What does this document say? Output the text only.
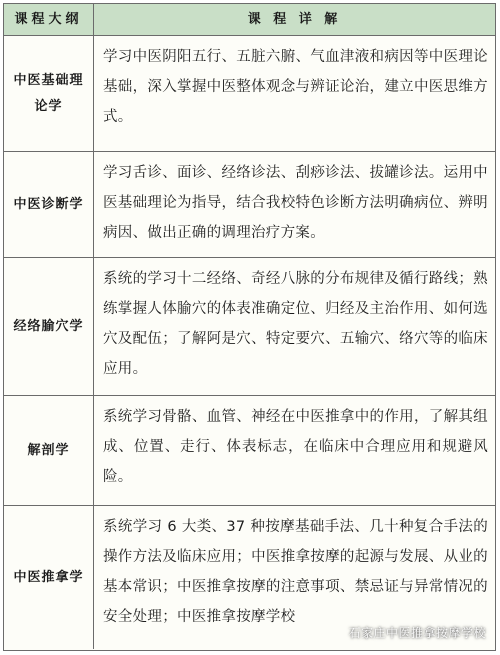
课程大纲	课 程 详 解
中医基础理论学
学习中医阴阳五行、五脏六腑、气血津液和病因等中医理论基础，深入掌握中医整体观念与辨证论治，建立中医思维方式。
中医诊断学
学习舌诊、面诊、经络诊法、刮痧诊法、拔罐诊法。运用中医基础理论为指导，结合我校特色诊断方法明确病位、辨明病因、做出正确的调理治疗方案。
经络腧穴学
系统的学习十二经络、奇经八脉的分布规律及循行路线；熟练掌握人体腧穴的体表准确定位、归经及主治作用、如何选穴及配伍；了解阿是穴、特定要穴、五输穴、络穴等的临床应用。
解剖学
系统学习骨骼、血管、神经在中医推拿中的作用，了解其组成、位置、走行、体表标志，在临床中合理应用和规避风险。
中医推拿学
系统学习 6 大类、37 种按摩基础手法、几十种复合手法的操作方法及临床应用；中医推拿按摩的起源与发展、从业的基本常识；中医推拿按摩的注意事项、禁忌证与异常情况的安全处理；中医推拿按摩学校
石家庄中医推拿按摩学校
